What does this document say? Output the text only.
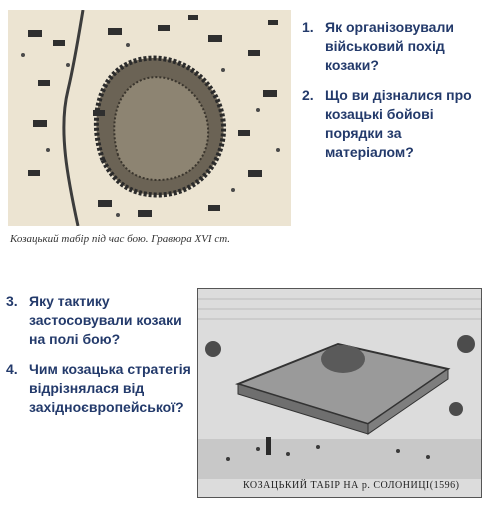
Козацький табір під час бою. Гравюра XVI ст.
1. Як організовували військовий похід козаки?
2. Що ви дізналися про козацькі бойові порядки за матеріалом?
3. Яку тактику застосовували козаки на полі бою?
4. Чим козацька стратегія відрізнялася від західноєвропейської?
КОЗАЦЬКИЙ ТАБІР НА р. СОЛОНИЦІ(1596)
